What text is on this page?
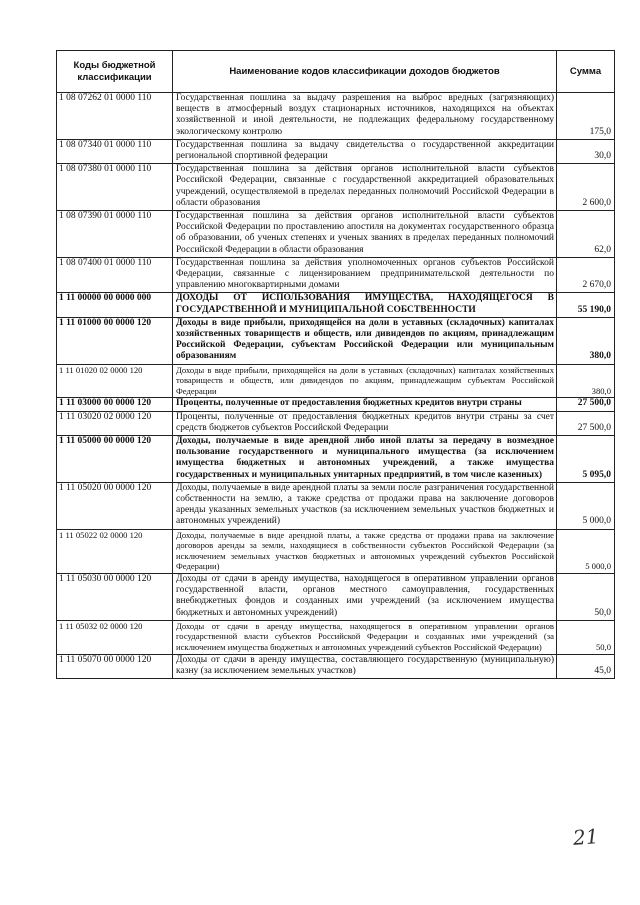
Коды бюджетной классификации	Наименование кодов классификации доходов бюджетов	Сумма
1 08 07262 01 0000 110	Государственная пошлина за выдачу разрешения на выброс вредных (загрязняющих) веществ в атмосферный воздух стационарных источников, находящихся на объектах хозяйственной и иной деятельности, не подлежащих федеральному государственному экологическому контролю	175,0
1 08 07340 01 0000 110	Государственная пошлина за выдачу свидетельства о государственной аккредитации региональной спортивной федерации	30,0
1 08 07380 01 0000 110	Государственная пошлина за действия органов исполнительной власти субъектов Российской Федерации, связанные с государственной аккредитацией образовательных учреждений, осуществляемой в пределах переданных полномочий Российской Федерации в области образования	2 600,0
1 08 07390 01 0000 110	Государственная пошлина за действия органов исполнительной власти субъектов Российской Федерации по проставлению апостиля на документах государственного образца об образовании, об ученых степенях и ученых званиях в пределах переданных полномочий Российской Федерации в области образования	62,0
1 08 07400 01 0000 110	Государственная пошлина за действия уполномоченных органов субъектов Российской Федерации, связанные с лицензированием предпринимательской деятельности по управлению многоквартирными домами	2 670,0
1 11 00000 00 0000 000	ДОХОДЫ ОТ ИСПОЛЬЗОВАНИЯ ИМУЩЕСТВА, НАХОДЯЩЕГОСЯ В ГОСУДАРСТВЕННОЙ И МУНИЦИПАЛЬНОЙ СОБСТВЕННОСТИ	55 190,0
1 11 01000 00 0000 120	Доходы в виде прибыли, приходящейся на доли в уставных (складочных) капиталах хозяйственных товариществ и обществ, или дивидендов по акциям, принадлежащим Российской Федерации, субъектам Российской Федерации или муниципальным образованиям	380,0
1 11 01020 02 0000 120	Доходы в виде прибыли, приходящейся на доли в уставных (складочных) капиталах хозяйственных товариществ и обществ, или дивидендов по акциям, принадлежащим субъектам Российской Федерации	380,0
1 11 03000 00 0000 120	Проценты, полученные от предоставления бюджетных кредитов внутри страны	27 500,0
1 11 03020 02 0000 120	Проценты, полученные от предоставления бюджетных кредитов внутри страны за счет средств бюджетов субъектов Российской Федерации	27 500,0
1 11 05000 00 0000 120	Доходы, получаемые в виде арендной либо иной платы за передачу в возмездное пользование государственного и муниципального имущества (за исключением имущества бюджетных и автономных учреждений, а также имущества государственных и муниципальных унитарных предприятий, в том числе казенных)	5 095,0
1 11 05020 00 0000 120	Доходы, получаемые в виде арендной платы за земли после разграничения государственной собственности на землю, а также средства от продажи права на заключение договоров аренды указанных земельных участков (за исключением земельных участков бюджетных и автономных учреждений)	5 000,0
1 11 05022 02 0000 120	Доходы, получаемые в виде арендной платы, а также средства от продажи права на заключение договоров аренды за земли, находящиеся в собственности субъектов Российской Федерации (за исключением земельных участков бюджетных и автономных учреждений субъектов Российской Федерации)	5 000,0
1 11 05030 00 0000 120	Доходы от сдачи в аренду имущества, находящегося в оперативном управлении органов государственной власти, органов местного самоуправления, государственных внебюджетных фондов и созданных ими учреждений (за исключением имущества бюджетных и автономных учреждений)	50,0
1 11 05032 02 0000 120	Доходы от сдачи в аренду имущества, находящегося в оперативном управлении органов государственной власти субъектов Российской Федерации и созданных ими учреждений (за исключением имущества бюджетных и автономных учреждений субъектов Российской Федерации)	50,0
1 11 05070 00 0000 120	Доходы от сдачи в аренду имущества, составляющего государственную (муниципальную) казну (за исключением земельных участков)	45,0
21
